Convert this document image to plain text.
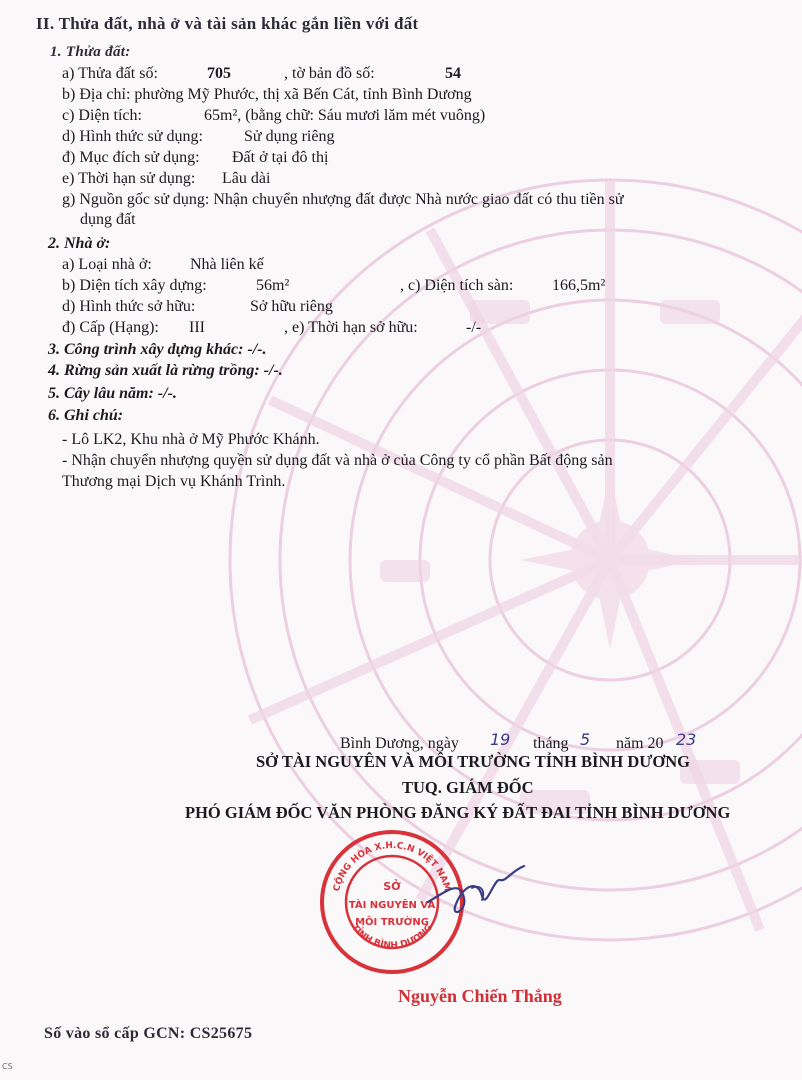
II. Thửa đất, nhà ở và tài sản khác gắn liền với đất
1. Thửa đất:
a) Thửa đất số:	705	, tờ bản đồ số:	54
b) Địa chỉ: phường Mỹ Phước, thị xã Bến Cát, tỉnh Bình Dương
c) Diện tích:	65m², (bằng chữ: Sáu mươi lăm mét vuông)
d) Hình thức sử dụng:	Sử dụng riêng
đ) Mục đích sử dụng: Đất ở tại đô thị
e) Thời hạn sử dụng: Lâu dài
g) Nguồn gốc sử dụng: Nhận chuyển nhượng đất được Nhà nước giao đất có thu tiền sử
dụng đất
2. Nhà ở:
a) Loại nhà ở: Nhà liên kế
b) Diện tích xây dựng:	56m²	, c) Diện tích sàn: 166,5m²
d) Hình thức sở hữu:	Sở hữu riêng
đ) Cấp (Hạng): III	, e) Thời hạn sở hữu:	-/-
3. Công trình xây dựng khác: -/-.
4. Rừng sản xuất là rừng trồng: -/-.
5. Cây lâu năm: -/-.
6. Ghi chú:
- Lô LK2, Khu nhà ở Mỹ Phước Khánh.
- Nhận chuyển nhượng quyền sử dụng đất và nhà ở của Công ty cổ phần Bất động sản
Thương mại Dịch vụ Khánh Trình.
Bình Dương, ngày 19 tháng 5 năm 20 23
SỞ TÀI NGUYÊN VÀ MÔI TRƯỜNG TỈNH BÌNH DƯƠNG
TUQ. GIÁM ĐỐC
PHÓ GIÁM ĐỐC VĂN PHÒNG ĐĂNG KÝ ĐẤT ĐAI TỈNH BÌNH DƯƠNG
CỘNG HÒA X.H.C.N VIỆT NAM
TỈNH BÌNH DƯƠNG
SỞ
TÀI NGUYÊN VÀ
MÔI TRƯỜNG
Nguyễn Chiến Thắng
Số vào sổ cấp GCN: CS25675
CS
